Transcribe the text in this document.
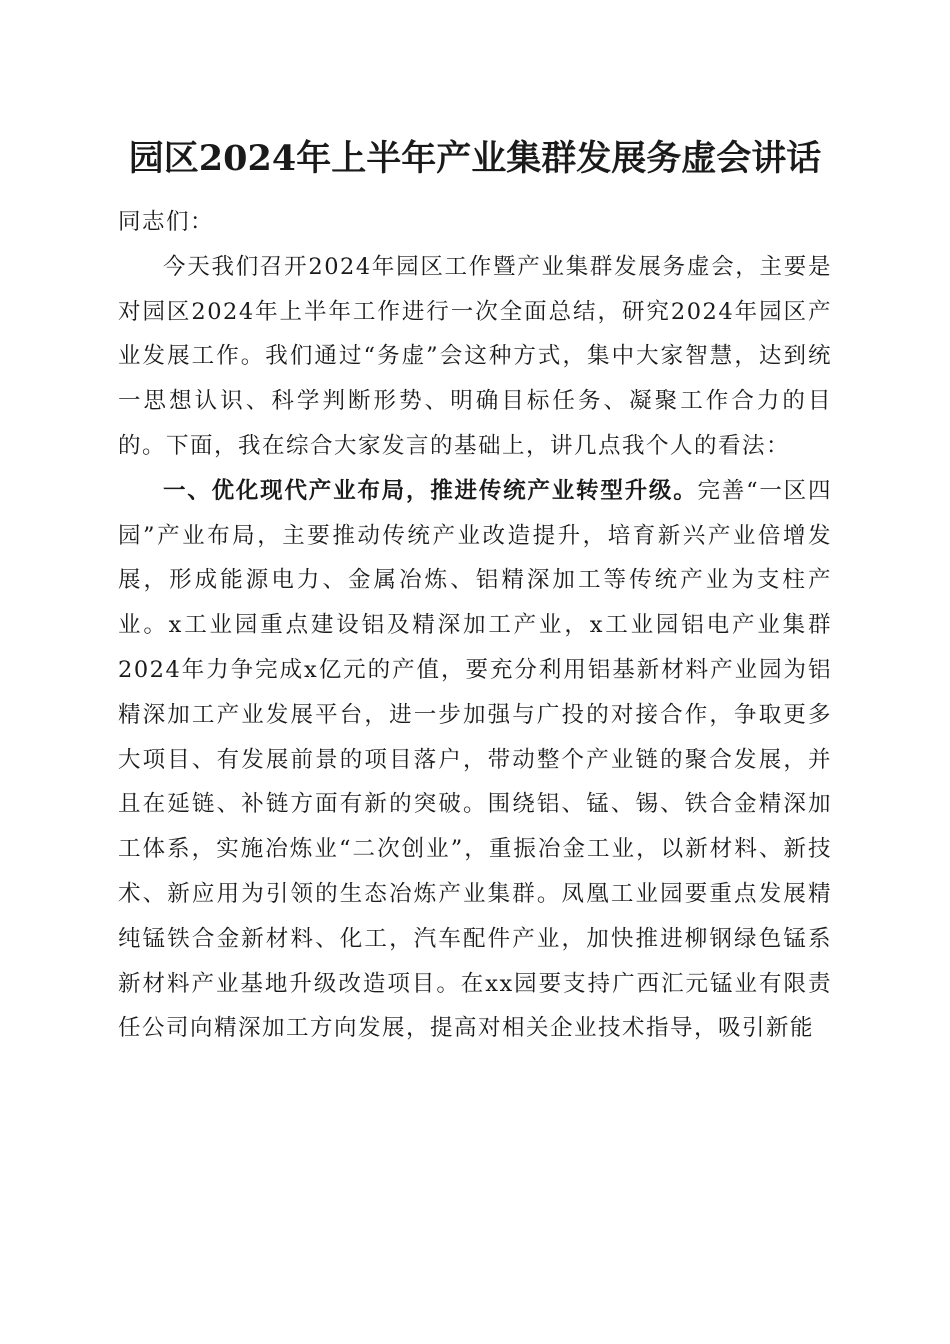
园区2024年上半年产业集群发展务虚会讲话

同志们：

今天我们召开2024年园区工作暨产业集群发展务虚会，主要是对园区2024年上半年工作进行一次全面总结，研究2024年园区产业发展工作。我们通过“务虚”会这种方式，集中大家智慧，达到统一思想认识、科学判断形势、明确目标任务、凝聚工作合力的目的。下面，我在综合大家发言的基础上，讲几点我个人的看法：

一、优化现代产业布局，推进传统产业转型升级。完善“一区四园”产业布局，主要推动传统产业改造提升，培育新兴产业倍增发展，形成能源电力、金属冶炼、铝精深加工等传统产业为支柱产业。x工业园重点建设铝及精深加工产业，x工业园铝电产业集群2024年力争完成x亿元的产值，要充分利用铝基新材料产业园为铝精深加工产业发展平台，进一步加强与广投的对接合作，争取更多大项目、有发展前景的项目落户，带动整个产业链的聚合发展，并且在延链、补链方面有新的突破。围绕铝、锰、锡、铁合金精深加工体系，实施冶炼业“二次创业”，重振冶金工业，以新材料、新技术、新应用为引领的生态冶炼产业集群。凤凰工业园要重点发展精纯锰铁合金新材料、化工，汽车配件产业，加快推进柳钢绿色锰系新材料产业基地升级改造项目。在xx园要支持广西汇元锰业有限责任公司向精深加工方向发展，提高对相关企业技术指导，吸引新能
